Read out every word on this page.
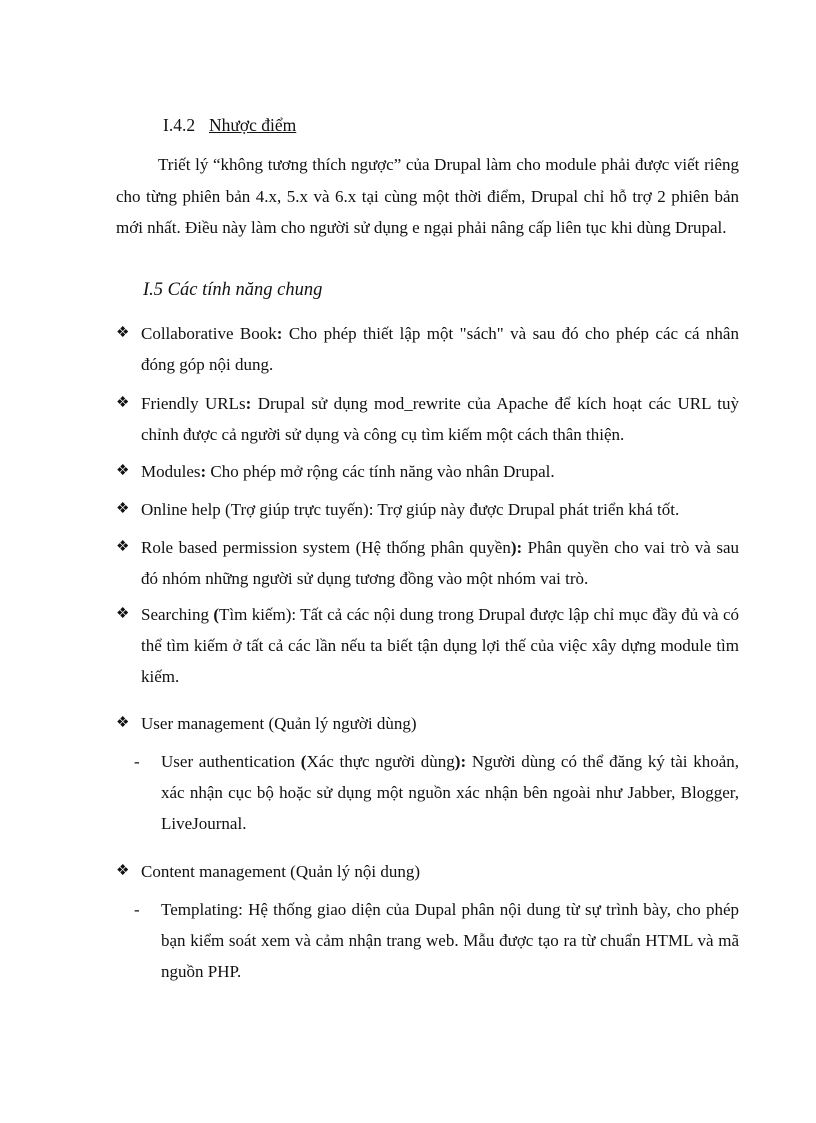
I.4.2 Nhược điểm
Triết lý “không tương thích ngược” của Drupal làm cho module phải được viết riêng cho từng phiên bản 4.x, 5.x và 6.x tại cùng một thời điểm, Drupal chỉ hỗ trợ 2 phiên bản mới nhất. Điều này làm cho người sử dụng e ngại phải nâng cấp liên tục khi dùng Drupal.
I.5 Các tính năng chung
❖ Collaborative Book: Cho phép thiết lập một "sách" và sau đó cho phép các cá nhân đóng góp nội dung.
❖ Friendly URLs: Drupal sử dụng mod_rewrite của Apache để kích hoạt các URL tuỳ chỉnh được cả người sử dụng và công cụ tìm kiếm một cách thân thiện.
❖ Modules: Cho phép mở rộng các tính năng vào nhân Drupal.
❖ Online help (Trợ giúp trực tuyến): Trợ giúp này được Drupal phát triển khá tốt.
❖ Role based permission system (Hệ thống phân quyền): Phân quyền cho vai trò và sau đó nhóm những người sử dụng tương đồng vào một nhóm vai trò.
❖ Searching (Tìm kiếm): Tất cả các nội dung trong Drupal được lập chỉ mục đầy đủ và có thể tìm kiếm ở tất cả các lần nếu ta biết tận dụng lợi thế của việc xây dựng module tìm kiếm.
❖ User management (Quản lý người dùng)
- User authentication (Xác thực người dùng): Người dùng có thể đăng ký tài khoản, xác nhận cục bộ hoặc sử dụng một nguồn xác nhận bên ngoài như Jabber, Blogger, LiveJournal.
❖ Content management (Quản lý nội dung)
- Templating: Hệ thống giao diện của Dupal phân nội dung từ sự trình bày, cho phép bạn kiểm soát xem và cảm nhận trang web. Mẫu được tạo ra từ chuẩn HTML và mã nguồn PHP.
